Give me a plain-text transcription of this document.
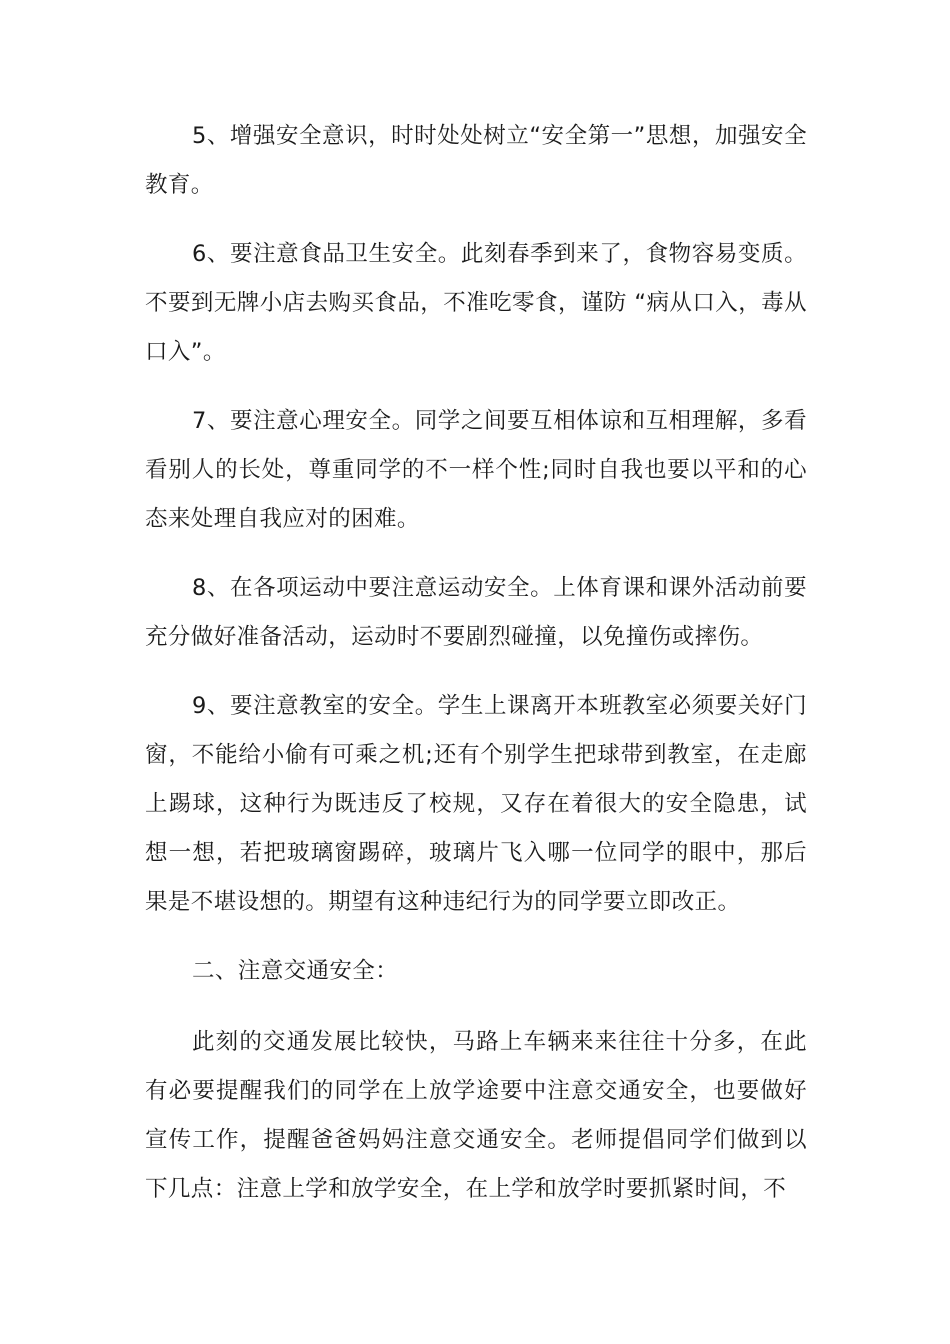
5、增强安全意识，时时处处树立“安全第一”思想，加强安全教育。

6、要注意食品卫生安全。此刻春季到来了，食物容易变质。不要到无牌小店去购买食品，不准吃零食，谨防 “病从口入，毒从口入”。

7、要注意心理安全。同学之间要互相体谅和互相理解，多看看别人的长处，尊重同学的不一样个性;同时自我也要以平和的心态来处理自我应对的困难。

8、在各项运动中要注意运动安全。上体育课和课外活动前要充分做好准备活动，运动时不要剧烈碰撞，以免撞伤或摔伤。

9、要注意教室的安全。学生上课离开本班教室必须要关好门窗，不能给小偷有可乘之机;还有个别学生把球带到教室，在走廊上踢球，这种行为既违反了校规，又存在着很大的安全隐患，试想一想，若把玻璃窗踢碎，玻璃片飞入哪一位同学的眼中，那后果是不堪设想的。期望有这种违纪行为的同学要立即改正。

二、注意交通安全：

此刻的交通发展比较快，马路上车辆来来往往十分多，在此有必要提醒我们的同学在上放学途要中注意交通安全，也要做好宣传工作，提醒爸爸妈妈注意交通安全。老师提倡同学们做到以下几点：注意上学和放学安全，在上学和放学时要抓紧时间，不
